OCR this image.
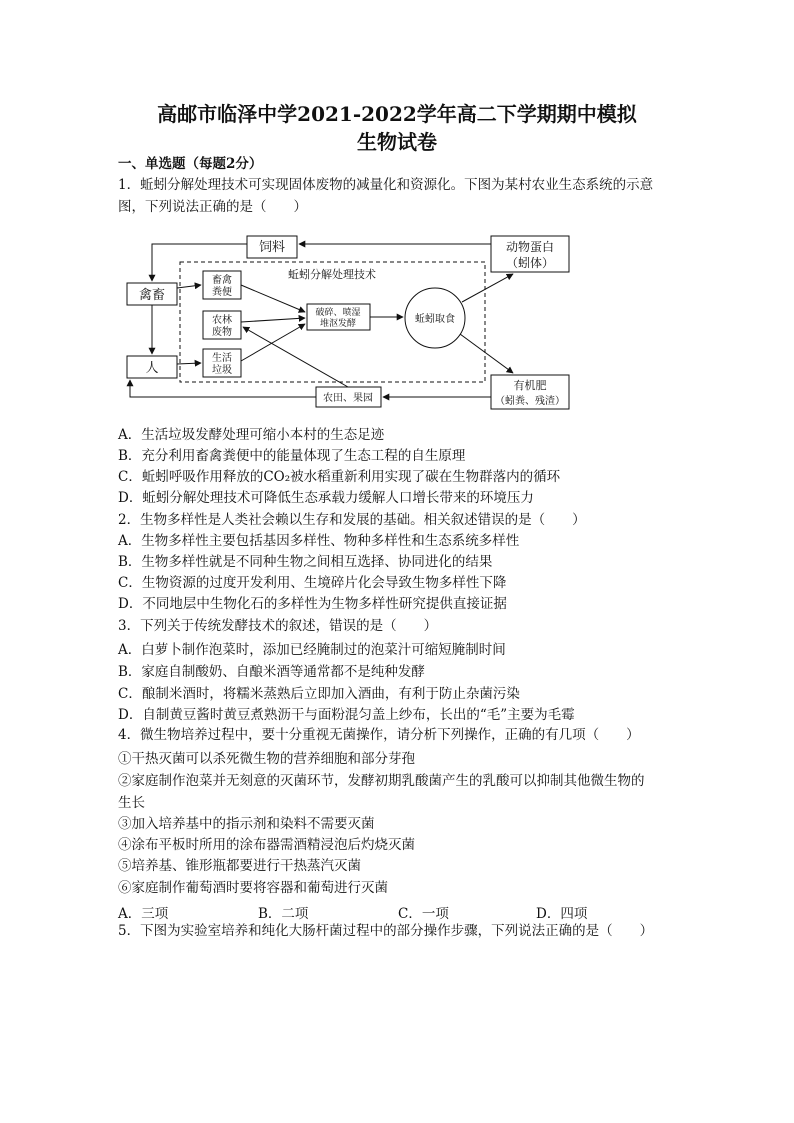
高邮市临泽中学2021-2022学年高二下学期期中模拟
生物试卷
一、单选题（每题2分）
1．蚯蚓分解处理技术可实现固体废物的减量化和资源化。下图为某村农业生态系统的示意
图，下列说法正确的是（　　）
饲料	动物蛋白
（蚓体）
蚯蚓分解处理技术
禽畜
畜禽
粪便
农林
废物
生活
垃圾
破碎、喷湿
堆沤发酵	蚯蚓取食
人
有机肥
（蚓粪、残渣）
农田、果园
A．生活垃圾发酵处理可缩小本村的生态足迹
B．充分利用畜禽粪便中的能量体现了生态工程的自生原理
C．蚯蚓呼吸作用释放的CO₂被水稻重新利用实现了碳在生物群落内的循环
D．蚯蚓分解处理技术可降低生态承载力缓解人口增长带来的环境压力
2．生物多样性是人类社会赖以生存和发展的基础。相关叙述错误的是（　　）
A．生物多样性主要包括基因多样性、物种多样性和生态系统多样性
B．生物多样性就是不同种生物之间相互选择、协同进化的结果
C．生物资源的过度开发利用、生境碎片化会导致生物多样性下降
D．不同地层中生物化石的多样性为生物多样性研究提供直接证据
3．下列关于传统发酵技术的叙述，错误的是（　　）
A．白萝卜制作泡菜时，添加已经腌制过的泡菜汁可缩短腌制时间
B．家庭自制酸奶、自酿米酒等通常都不是纯种发酵
C．酿制米酒时，将糯米蒸熟后立即加入酒曲，有利于防止杂菌污染
D．自制黄豆酱时黄豆煮熟沥干与面粉混匀盖上纱布，长出的“毛”主要为毛霉
4．微生物培养过程中，要十分重视无菌操作，请分析下列操作，正确的有几项（　　）
①干热灭菌可以杀死微生物的营养细胞和部分芽孢
②家庭制作泡菜并无刻意的灭菌环节，发酵初期乳酸菌产生的乳酸可以抑制其他微生物的
生长
③加入培养基中的指示剂和染料不需要灭菌
④涂布平板时所用的涂布器需酒精浸泡后灼烧灭菌
⑤培养基、锥形瓶都要进行干热蒸汽灭菌
⑥家庭制作葡萄酒时要将容器和葡萄进行灭菌
A．三项	B．二项	C．一项	D．四项
5．下图为实验室培养和纯化大肠杆菌过程中的部分操作步骤，下列说法正确的是（　　）
